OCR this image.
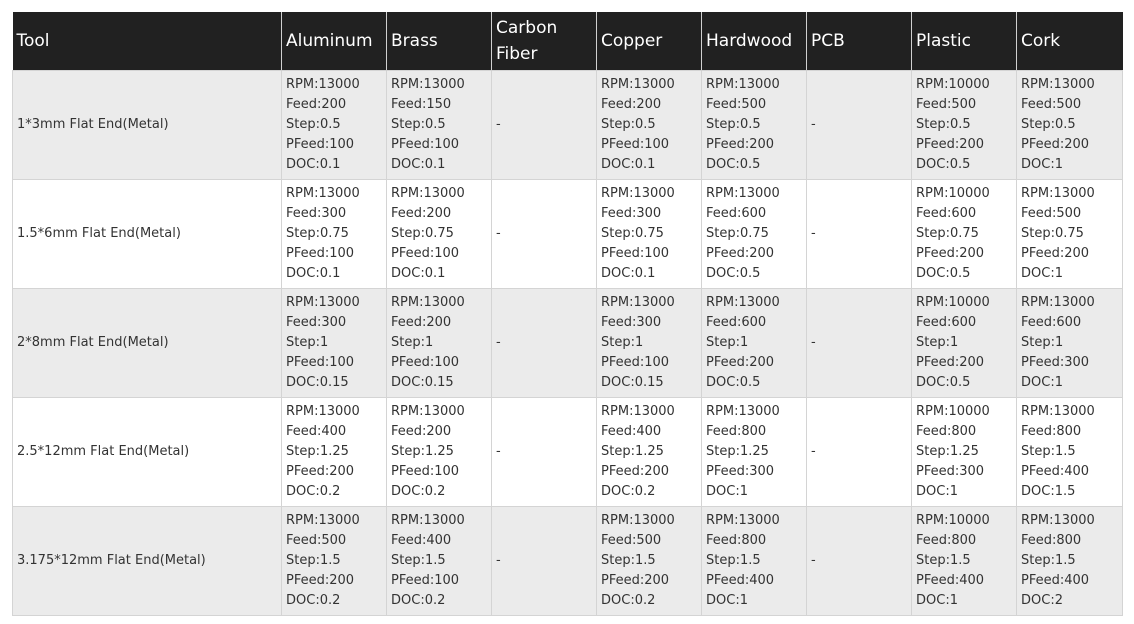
Tool	Aluminum	Brass	Carbon Fiber	Copper	Hardwood	PCB	Plastic	Cork
1*3mm Flat End(Metal)	RPM:13000
Feed:200
Step:0.5
PFeed:100
DOC:0.1	RPM:13000
Feed:150
Step:0.5
PFeed:100
DOC:0.1	-	RPM:13000
Feed:200
Step:0.5
PFeed:100
DOC:0.1	RPM:13000
Feed:500
Step:0.5
PFeed:200
DOC:0.5	-	RPM:10000
Feed:500
Step:0.5
PFeed:200
DOC:0.5	RPM:13000
Feed:500
Step:0.5
PFeed:200
DOC:1

1.5*6mm Flat End(Metal)	RPM:13000
Feed:300
Step:0.75
PFeed:100
DOC:0.1	RPM:13000
Feed:200
Step:0.75
PFeed:100
DOC:0.1	-	RPM:13000
Feed:300
Step:0.75
PFeed:100
DOC:0.1	RPM:13000
Feed:600
Step:0.75
PFeed:200
DOC:0.5	-	RPM:10000
Feed:600
Step:0.75
PFeed:200
DOC:0.5	RPM:13000
Feed:500
Step:0.75
PFeed:200
DOC:1

2*8mm Flat End(Metal)	RPM:13000
Feed:300
Step:1
PFeed:100
DOC:0.15	RPM:13000
Feed:200
Step:1
PFeed:100
DOC:0.15	-	RPM:13000
Feed:300
Step:1
PFeed:100
DOC:0.15	RPM:13000
Feed:600
Step:1
PFeed:200
DOC:0.5	-	RPM:10000
Feed:600
Step:1
PFeed:200
DOC:0.5	RPM:13000
Feed:600
Step:1
PFeed:300
DOC:1

2.5*12mm Flat End(Metal)	RPM:13000
Feed:400
Step:1.25
PFeed:200
DOC:0.2	RPM:13000
Feed:200
Step:1.25
PFeed:100
DOC:0.2	-	RPM:13000
Feed:400
Step:1.25
PFeed:200
DOC:0.2	RPM:13000
Feed:800
Step:1.25
PFeed:300
DOC:1	-	RPM:10000
Feed:800
Step:1.25
PFeed:300
DOC:1	RPM:13000
Feed:800
Step:1.5
PFeed:400
DOC:1.5

3.175*12mm Flat End(Metal)	RPM:13000
Feed:500
Step:1.5
PFeed:200
DOC:0.2	RPM:13000
Feed:400
Step:1.5
PFeed:100
DOC:0.2	-	RPM:13000
Feed:500
Step:1.5
PFeed:200
DOC:0.2	RPM:13000
Feed:800
Step:1.5
PFeed:400
DOC:1	-	RPM:10000
Feed:800
Step:1.5
PFeed:400
DOC:1	RPM:13000
Feed:800
Step:1.5
PFeed:400
DOC:2
